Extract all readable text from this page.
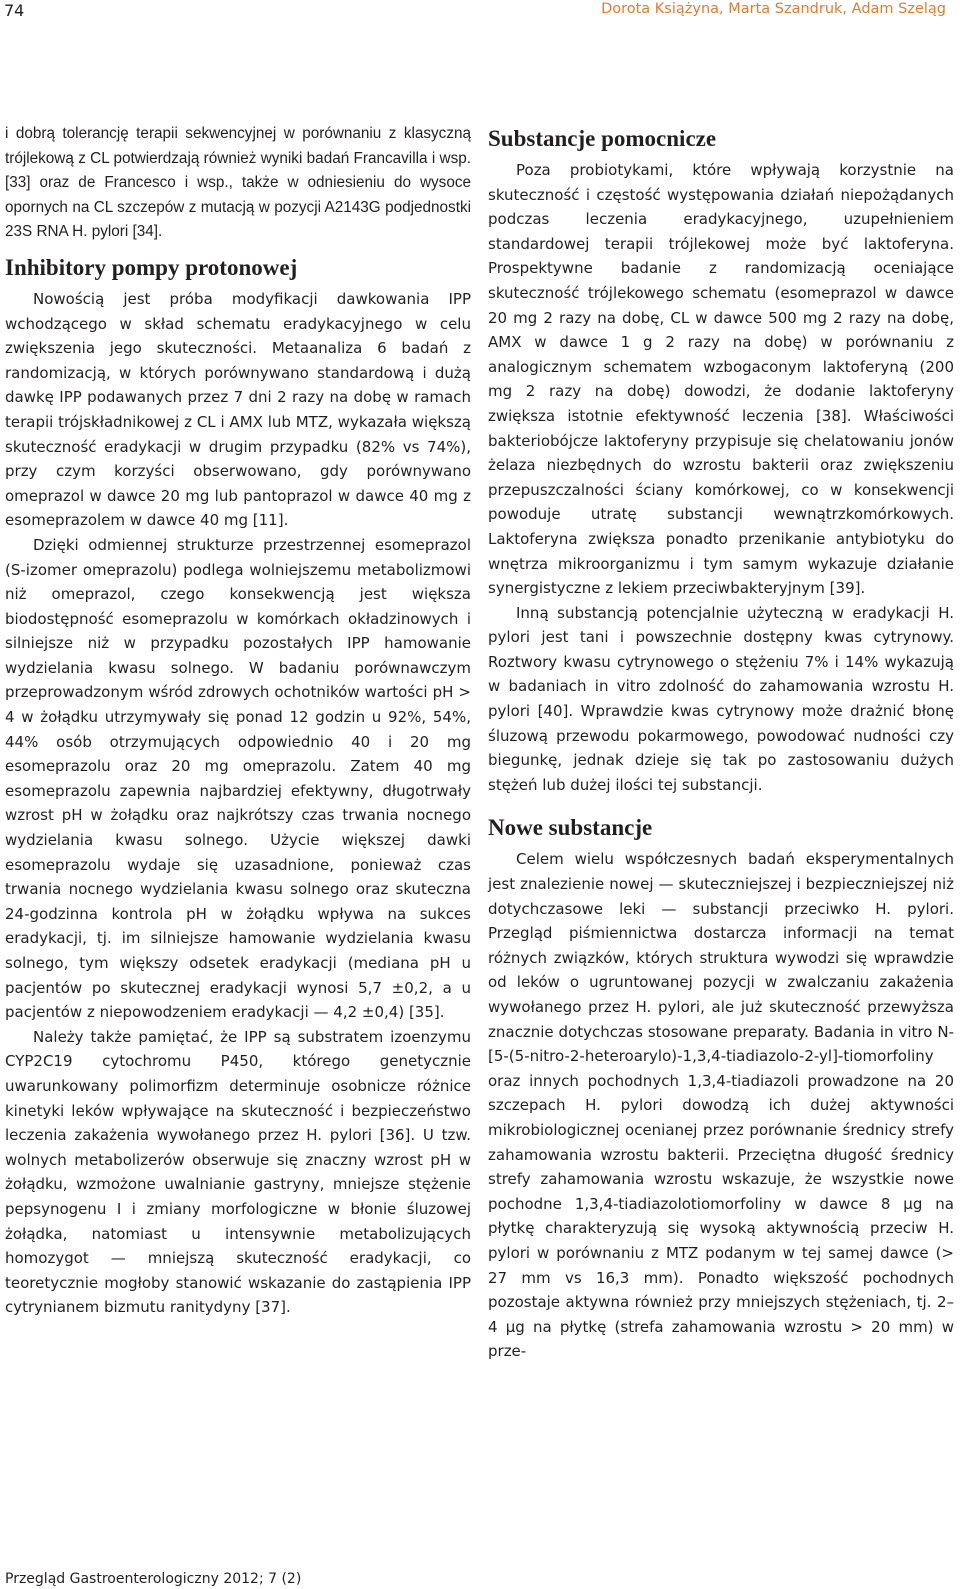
74	Dorota Książyna, Marta Szandruk, Adam Szeląg

i dobrą tolerancję terapii sekwencyjnej w porównaniu z klasyczną trójlekową z CL potwierdzają również wyniki badań Francavilla i wsp. [33] oraz de Francesco i wsp., także w odniesieniu do wysoce opornych na CL szczepów z mutacją w pozycji A2143G podjednostki 23S RNA H. pylori [34].

Inhibitory pompy protonowej

Nowością jest próba modyfikacji dawkowania IPP wchodzącego w skład schematu eradykacyjnego w celu zwiększenia jego skuteczności. Metaanaliza 6 badań z randomizacją, w których porównywano standardową i dużą dawkę IPP podawanych przez 7 dni 2 razy na dobę w ramach terapii trójskładnikowej z CL i AMX lub MTZ, wykazała większą skuteczność eradykacji w drugim przypadku (82% vs 74%), przy czym korzyści obserwowano, gdy porównywano omeprazol w dawce 20 mg lub pantoprazol w dawce 40 mg z esomeprazolem w dawce 40 mg [11].

Dzięki odmiennej strukturze przestrzennej esomeprazol (S-izomer omeprazolu) podlega wolniejszemu metabolizmowi niż omeprazol, czego konsekwencją jest większa biodostępność esomeprazolu w komórkach okładzinowych i silniejsze niż w przypadku pozostałych IPP hamowanie wydzielania kwasu solnego. W badaniu porównawczym przeprowadzonym wśród zdrowych ochotników wartości pH > 4 w żołądku utrzymywały się ponad 12 godzin u 92%, 54%, 44% osób otrzymujących odpowiednio 40 i 20 mg esomeprazolu oraz 20 mg omeprazolu. Zatem 40 mg esomeprazolu zapewnia najbardziej efektywny, długotrwały wzrost pH w żołądku oraz najkrótszy czas trwania nocnego wydzielania kwasu solnego. Użycie większej dawki esomeprazolu wydaje się uzasadnione, ponieważ czas trwania nocnego wydzielania kwasu solnego oraz skuteczna 24-godzinna kontrola pH w żołądku wpływa na sukces eradykacji, tj. im silniejsze hamowanie wydzielania kwasu solnego, tym większy odsetek eradykacji (mediana pH u pacjentów po skutecznej eradykacji wynosi 5,7 ±0,2, a u pacjentów z niepowodzeniem eradykacji — 4,2 ±0,4) [35].

Należy także pamiętać, że IPP są substratem izoenzymu CYP2C19 cytochromu P450, którego genetycznie uwarunkowany polimorfizm determinuje osobnicze różnice kinetyki leków wpływające na skuteczność i bezpieczeństwo leczenia zakażenia wywołanego przez H. pylori [36]. U tzw. wolnych metabolizerów obserwuje się znaczny wzrost pH w żołądku, wzmożone uwalnianie gastryny, mniejsze stężenie pepsynogenu I i zmiany morfologiczne w błonie śluzowej żołądka, natomiast u intensywnie metabolizujących homozygot — mniejszą skuteczność eradykacji, co teoretycznie mogłoby stanowić wskazanie do zastąpienia IPP cytrynianem bizmutu ranitydyny [37].

Substancje pomocnicze

Poza probiotykami, które wpływają korzystnie na skuteczność i częstość występowania działań niepożądanych podczas leczenia eradykacyjnego, uzupełnieniem standardowej terapii trójlekowej może być laktoferyna. Prospektywne badanie z randomizacją oceniające skuteczność trójlekowego schematu (esomeprazol w dawce 20 mg 2 razy na dobę, CL w dawce 500 mg 2 razy na dobę, AMX w dawce 1 g 2 razy na dobę) w porównaniu z analogicznym schematem wzbogaconym laktoferyną (200 mg 2 razy na dobę) dowodzi, że dodanie laktoferyny zwiększa istotnie efektywność leczenia [38]. Właściwości bakteriobójcze laktoferyny przypisuje się chelatowaniu jonów żelaza niezbędnych do wzrostu bakterii oraz zwiększeniu przepuszczalności ściany komórkowej, co w konsekwencji powoduje utratę substancji wewnątrzkomórkowych. Laktoferyna zwiększa ponadto przenikanie antybiotyku do wnętrza mikroorganizmu i tym samym wykazuje działanie synergistyczne z lekiem przeciwbakteryjnym [39].

Inną substancją potencjalnie użyteczną w eradykacji H. pylori jest tani i powszechnie dostępny kwas cytrynowy. Roztwory kwasu cytrynowego o stężeniu 7% i 14% wykazują w badaniach in vitro zdolność do zahamowania wzrostu H. pylori [40]. Wprawdzie kwas cytrynowy może drażnić błonę śluzową przewodu pokarmowego, powodować nudności czy biegunkę, jednak dzieje się tak po zastosowaniu dużych stężeń lub dużej ilości tej substancji.

Nowe substancje

Celem wielu współczesnych badań eksperymentalnych jest znalezienie nowej — skuteczniejszej i bezpieczniejszej niż dotychczasowe leki — substancji przeciwko H. pylori. Przegląd piśmiennictwa dostarcza informacji na temat różnych związków, których struktura wywodzi się wprawdzie od leków o ugruntowanej pozycji w zwalczaniu zakażenia wywołanego przez H. pylori, ale już skuteczność przewyższa znacznie dotychczas stosowane preparaty. Badania in vitro N-[5-(5-nitro-2-heteroarylo)-1,3,4-tiadiazolo-2-yl]-tiomorfoliny oraz innych pochodnych 1,3,4-tiadiazoli prowadzone na 20 szczepach H. pylori dowodzą ich dużej aktywności mikrobiologicznej ocenianej przez porównanie średnicy strefy zahamowania wzrostu bakterii. Przeciętna długość średnicy strefy zahamowania wzrostu wskazuje, że wszystkie nowe pochodne 1,3,4-tiadiazolotiomorfoliny w dawce 8 μg na płytkę charakteryzują się wysoką aktywnością przeciw H. pylori w porównaniu z MTZ podanym w tej samej dawce (> 27 mm vs 16,3 mm). Ponadto większość pochodnych pozostaje aktywna również przy mniejszych stężeniach, tj. 2–4 μg na płytkę (strefa zahamowania wzrostu > 20 mm) w prze-

Przegląd Gastroenterologiczny 2012; 7 (2)
